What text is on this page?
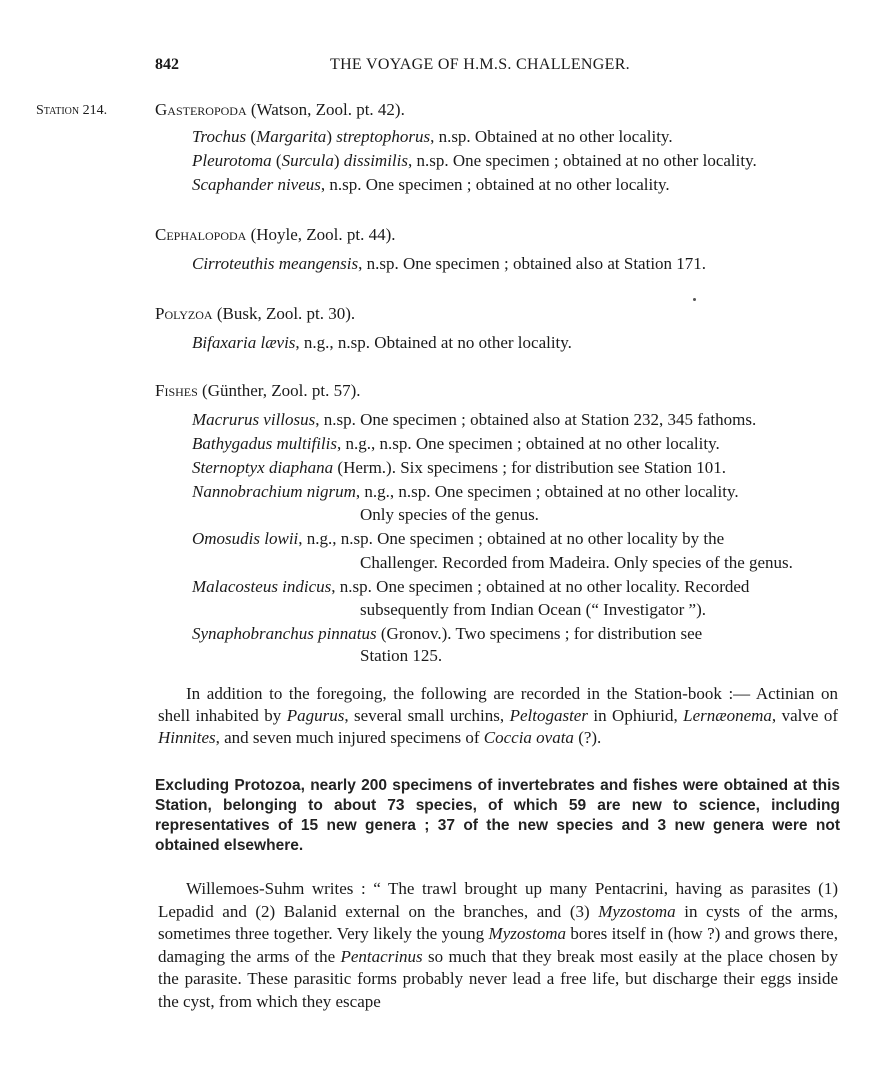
842	THE VOYAGE OF H.M.S. CHALLENGER.
Station 214.	Gasteropoda (Watson, Zool. pt. 42).
Trochus (Margarita) streptophorus, n.sp. Obtained at no other locality.
Pleurotoma (Surcula) dissimilis, n.sp. One specimen ; obtained at no other locality.
Scaphander niveus, n.sp. One specimen ; obtained at no other locality.
Cephalopoda (Hoyle, Zool. pt. 44).
Cirroteuthis meangensis, n.sp. One specimen ; obtained also at Station 171.
Polyzoa (Busk, Zool. pt. 30).
Bifaxaria lævis, n.g., n.sp. Obtained at no other locality.
Fishes (Günther, Zool. pt. 57).
Macrurus villosus, n.sp. One specimen ; obtained also at Station 232, 345 fathoms.
Bathygadus multifilis, n.g., n.sp. One specimen ; obtained at no other locality.
Sternoptyx diaphana (Herm.). Six specimens ; for distribution see Station 101.
Nannobrachium nigrum, n.g., n.sp. One specimen ; obtained at no other locality.
Only species of the genus.
Omosudis lowii, n.g., n.sp. One specimen ; obtained at no other locality by the
Challenger. Recorded from Madeira. Only species of the genus.
Malacosteus indicus, n.sp. One specimen ; obtained at no other locality. Recorded
subsequently from Indian Ocean (“ Investigator ”).
Synaphobranchus pinnatus (Gronov.). Two specimens ; for distribution see
Station 125.
In addition to the foregoing, the following are recorded in the Station-book :— Actinian on shell inhabited by Pagurus, several small urchins, Peltogaster in Ophiurid, Lernæonema, valve of Hinnites, and seven much injured specimens of Coccia ovata (?).
Excluding Protozoa, nearly 200 specimens of invertebrates and fishes were obtained at this Station, belonging to about 73 species, of which 59 are new to science, including representatives of 15 new genera ; 37 of the new species and 3 new genera were not obtained elsewhere.
Willemoes-Suhm writes : “ The trawl brought up many Pentacrini, having as parasites (1) Lepadid and (2) Balanid external on the branches, and (3) Myzostoma in cysts of the arms, sometimes three together. Very likely the young Myzostoma bores itself in (how ?) and grows there, damaging the arms of the Pentacrinus so much that they break most easily at the place chosen by the parasite. These parasitic forms probably never lead a free life, but discharge their eggs inside the cyst, from which they escape
